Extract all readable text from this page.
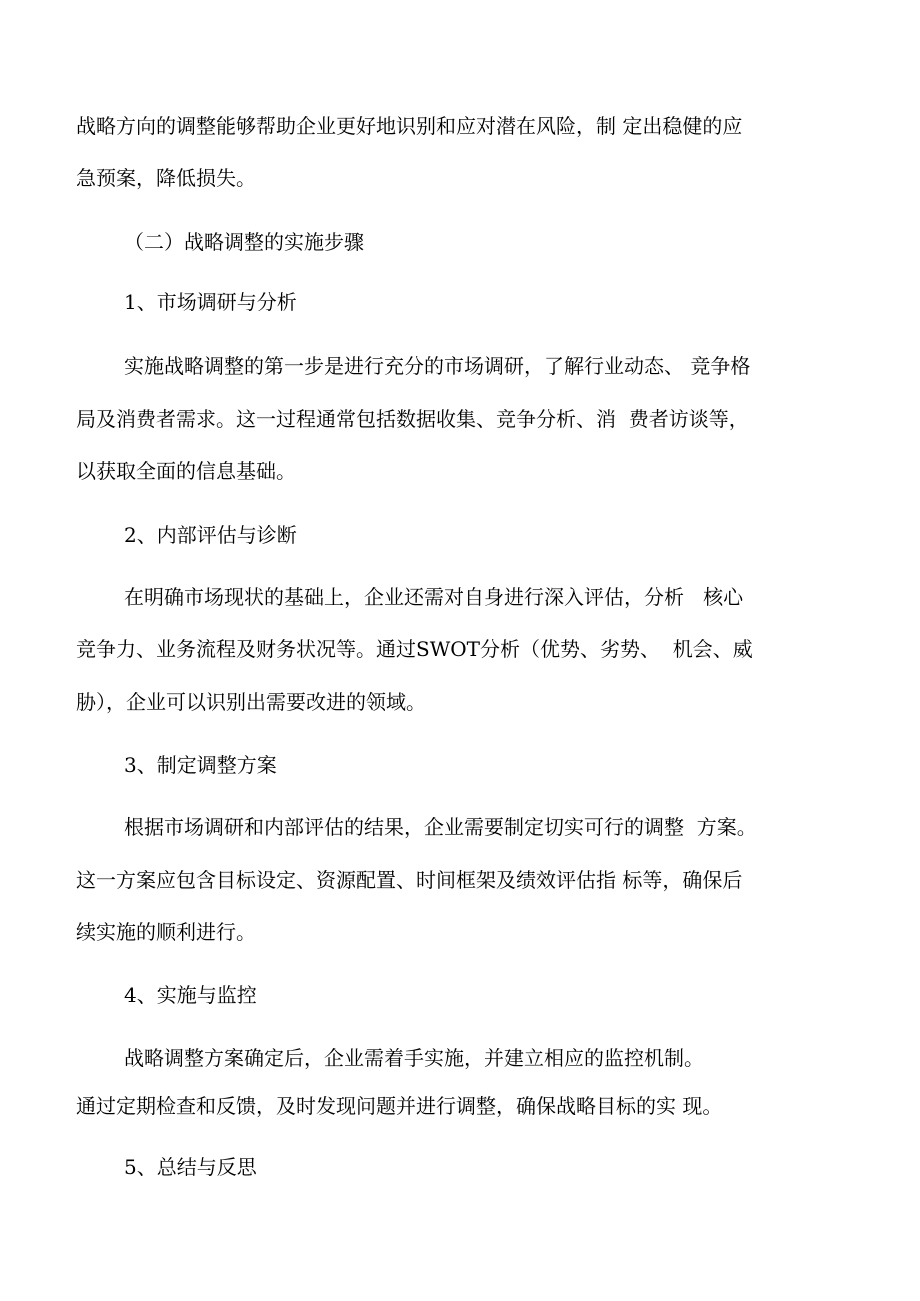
战略方向的调整能够帮助企业更好地识别和应对潜在风险，制 定出稳健的应
急预案，降低损失。
（二）战略调整的实施步骤
1、市场调研与分析
实施战略调整的第一步是进行充分的市场调研，了解行业动态、 竞争格
局及消费者需求。这一过程通常包括数据收集、竞争分析、消  费者访谈等，
以获取全面的信息基础。
2、内部评估与诊断
在明确市场现状的基础上，企业还需对自身进行深入评估，分析   核心
竞争力、业务流程及财务状况等。通过SWOT分析（优势、劣势、  机会、威
胁），企业可以识别出需要改进的领域。
3、制定调整方案
根据市场调研和内部评估的结果，企业需要制定切实可行的调整  方案。
这一方案应包含目标设定、资源配置、时间框架及绩效评估指 标等，确保后
续实施的顺利进行。
4、实施与监控
战略调整方案确定后，企业需着手实施，并建立相应的监控机制。
通过定期检查和反馈，及时发现问题并进行调整，确保战略目标的实 现。
5、总结与反思
